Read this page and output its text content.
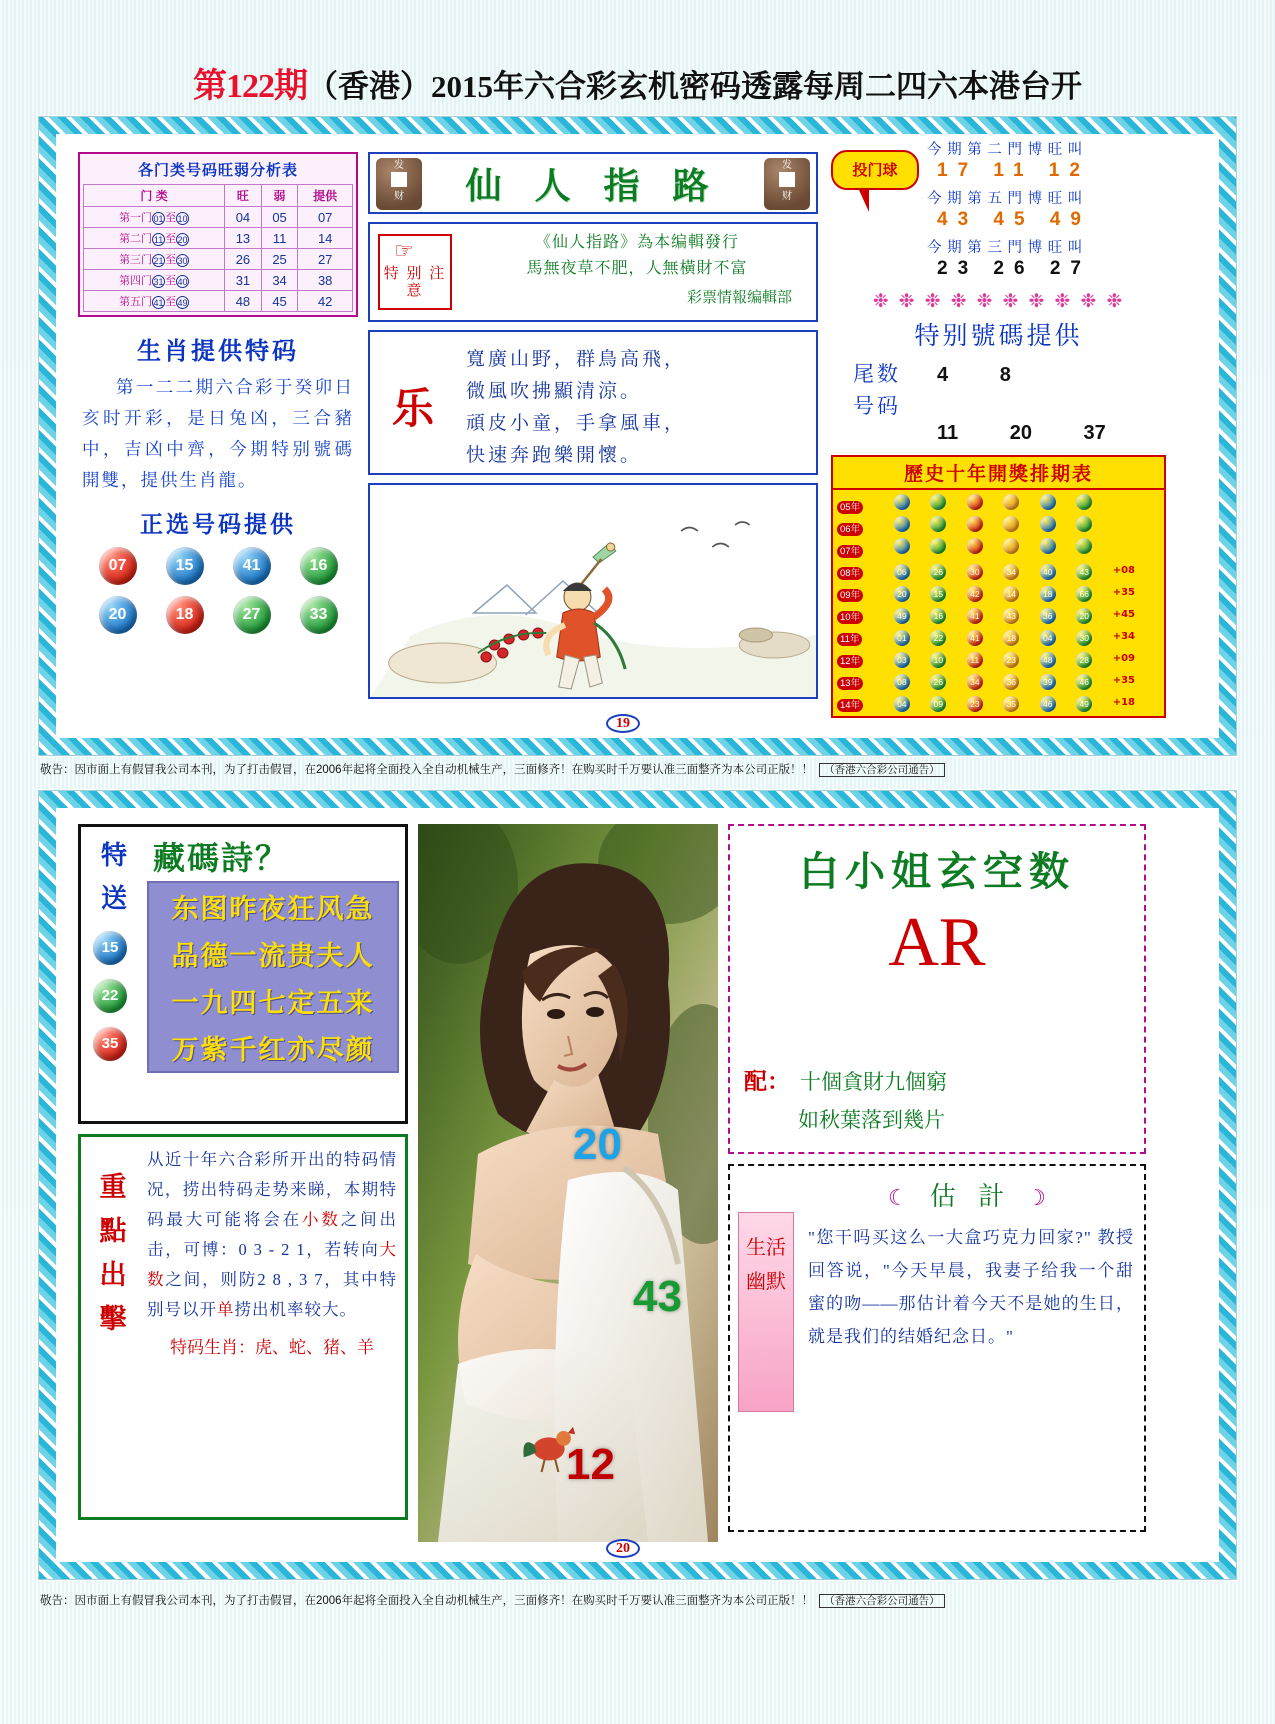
第122期（香港）2015年六合彩玄机密码透露每周二四六本港台开
各门类号码旺弱分析表
门 类	旺	弱	提供
第一门01 至10	04	05	07
第二门 11 至20	13	11	14
第三门21 至30	26	25	27
第四门31 至40	31	34	38
第五门41 至49	48	45	42
生肖提供特码
第一二二期六合彩于癸卯日亥时开彩，是日兔凶，三合豬中，吉凶中齊，今期特别號碼開雙，提供生肖龍。
正选号码提供
07	15	41	16
20	18	27	33
发
财	仙 人 指 路	发
财
☞
特 别 注 意
《仙人指路》為本编輯發行
馬無夜草不肥，人無橫財不富
彩票情報编輯部
乐
寬廣山野，群鳥高飛，
微風吹拂顯清涼。
頑皮小童，手拿風車，
快速奔跑樂開懷。
投门球
今 期 第 二 門 博 旺 叫
17 11 12
今 期 第 五 門 博 旺 叫
43 45 49
今 期 第 三 門 博 旺 叫
23 26 27
❉ ❉ ❉ ❉ ❉ ❉ ❉ ❉ ❉ ❉
特别號碼提供
尾数	4	8
号码
11	20	37
歷史十年開獎排期表
05年							
06年							
07年							
08年	06	26	30	34	40	43	+08
09年	20	15	42	14	18	66	+35
10年	49	16	41	43	36	20	+45
11年	01	22	41	18	04	30	+34
12年	03	10	11	23	48	28	+09
13年	08	26	34	36	39	46	+35
14年	04	09	23	35	46	49	+18
19
敬告：因市面上有假冒我公司本刊，为了打击假冒，在2006年起将全面投入全自动机械生产，三面修齐！在购买时千万要认准三面整齐为本公司正版！！ （香港六合彩公司通告）
特
送
15
22
35
藏碼詩？
东图昨夜狂风急
品德一流贵夫人
一九四七定五来
万紫千红亦尽颜
重
點
出
擊

从近十年六合彩所开出的特码情况，捞出特码走势来睇，本期特码最大可能将会在小数之间出击，可博：0 3 - 2 1，若转向大数之间，则防2 8 , 3 7，其中特别号以开单捞出机率较大。

特码生肖：虎、蛇、猪、羊
20
43
12
白小姐玄空数
AR
配： 十個貪財九個窮
如秋葉落到幾片
生活幽默
☾ 估 計 ☽

"您干吗买这么一大盒巧克力回家?" 教授回答说，"今天早晨，我妻子给我一个甜蜜的吻——那估计着今天不是她的生日，就是我们的结婚纪念日。"

20
敬告：因市面上有假冒我公司本刊，为了打击假冒，在2006年起将全面投入全自动机械生产，三面修齐！在购买时千万要认准三面整齐为本公司正版！！ （香港六合彩公司通告）
